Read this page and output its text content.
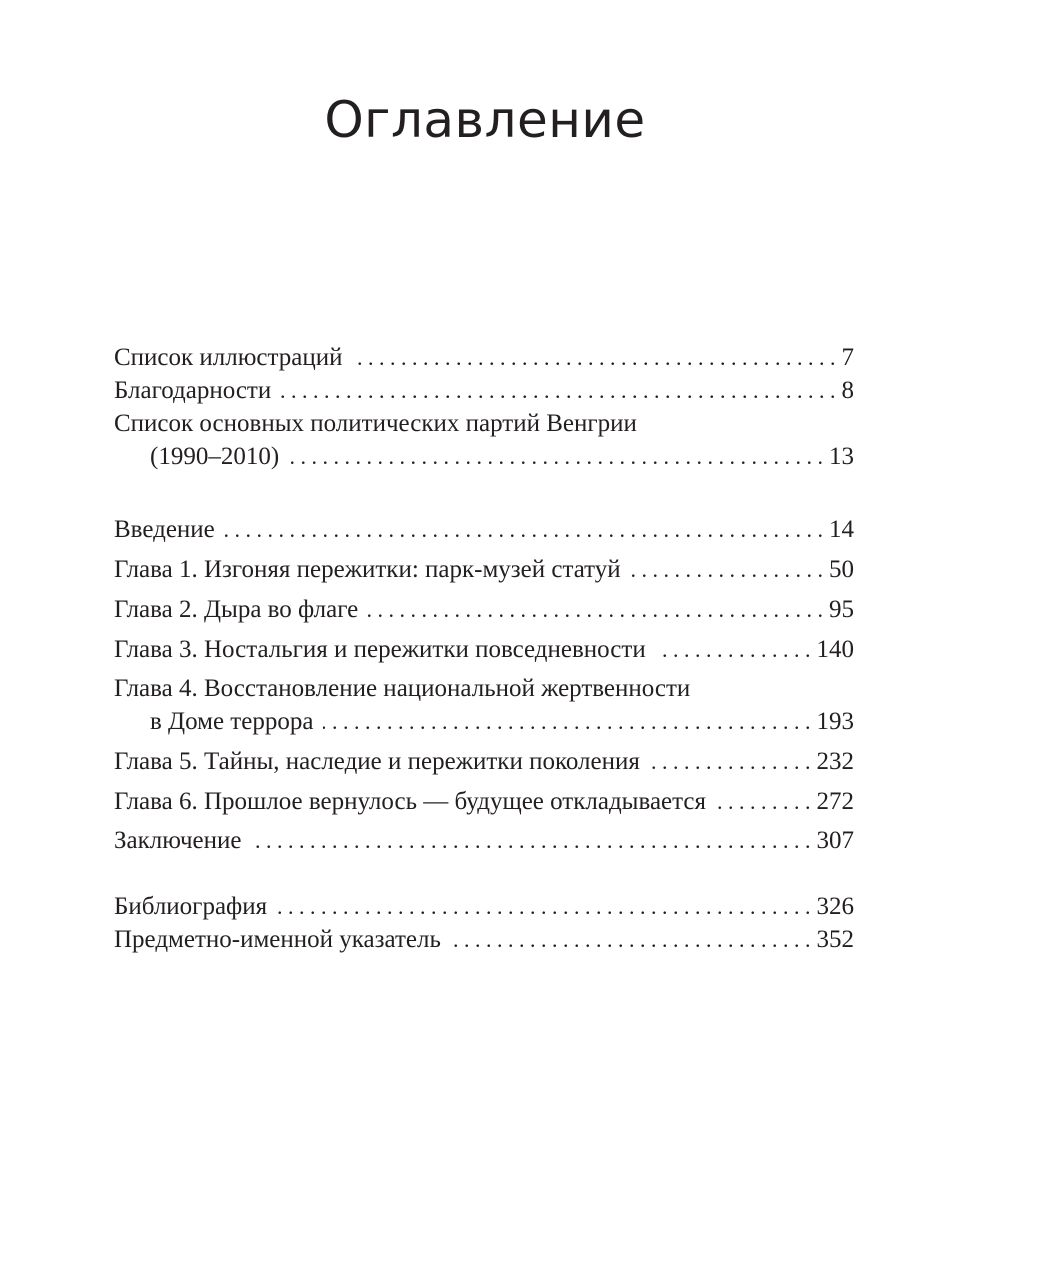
Оглавление
Список иллюстраций . . .	7
Благодарности . . .	8
Список основных политических партий Венгрии
(1990–2010) . . .	13
Введение . . .	14
Глава 1. Изгоняя пережитки: парк-музей статуй . . .	50
Глава 2. Дыра во флаге . . .	95
Глава 3. Ностальгия и пережитки повседневности . . .	140
Глава 4. Восстановление национальной жертвенности
в Доме террора . . .	193
Глава 5. Тайны, наследие и пережитки поколения . . .	232
Глава 6. Прошлое вернулось — будущее откладывается . . .	272
Заключение . . .	307
Библиография . . .	326
Предметно-именной указатель . . .	352
